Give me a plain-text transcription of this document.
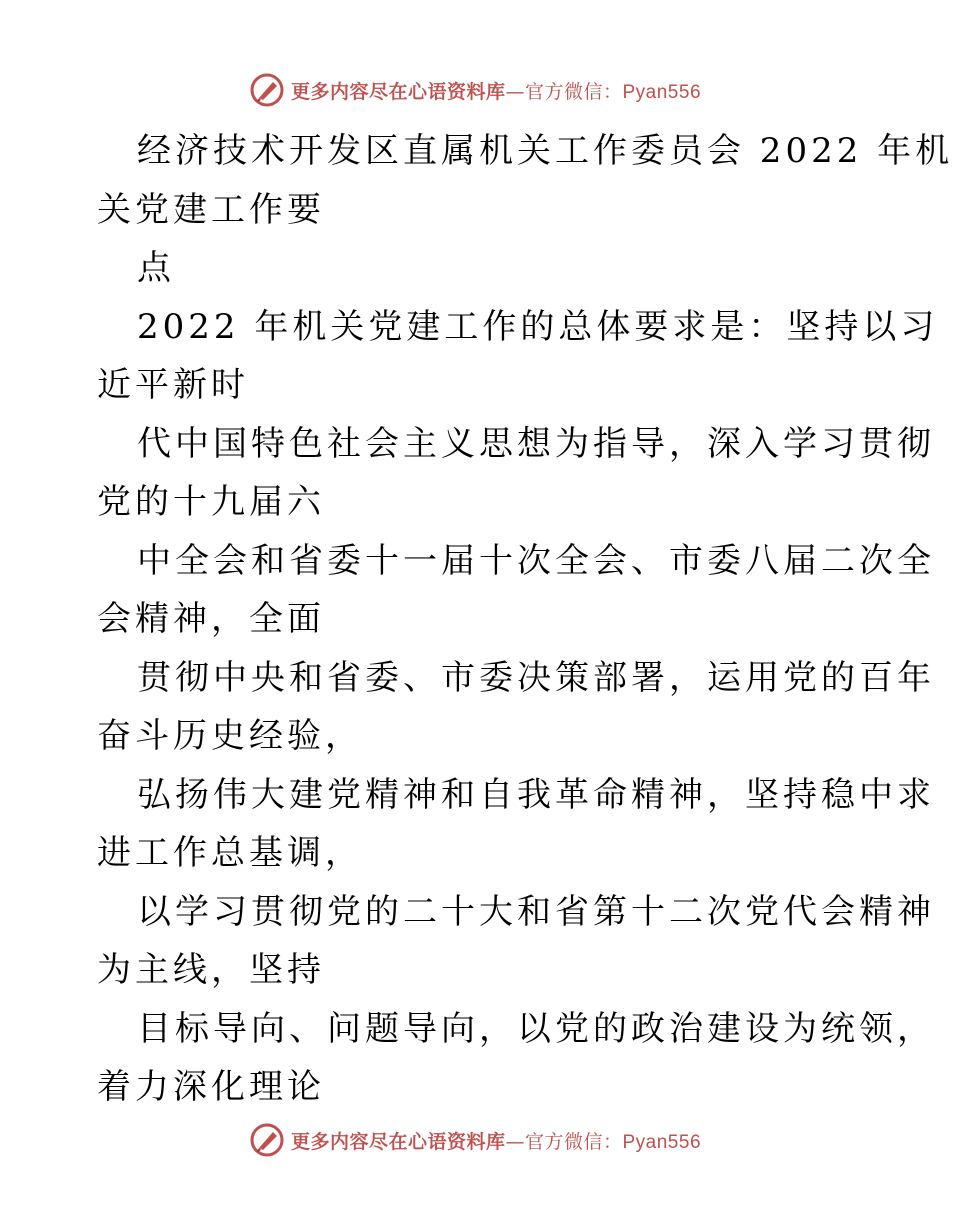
更多内容尽在心语资料库—官方微信：Pyan556
经济技术开发区直属机关工作委员会 2022 年机
关党建工作要
点
2022 年机关党建工作的总体要求是：坚持以习
近平新时
代中国特色社会主义思想为指导，深入学习贯彻
党的十九届六
中全会和省委十一届十次全会、市委八届二次全
会精神，全面
贯彻中央和省委、市委决策部署，运用党的百年
奋斗历史经验，
弘扬伟大建党精神和自我革命精神，坚持稳中求
进工作总基调，
以学习贯彻党的二十大和省第十二次党代会精神
为主线，坚持
目标导向、问题导向，以党的政治建设为统领，
着力深化理论
更多内容尽在心语资料库—官方微信：Pyan556
